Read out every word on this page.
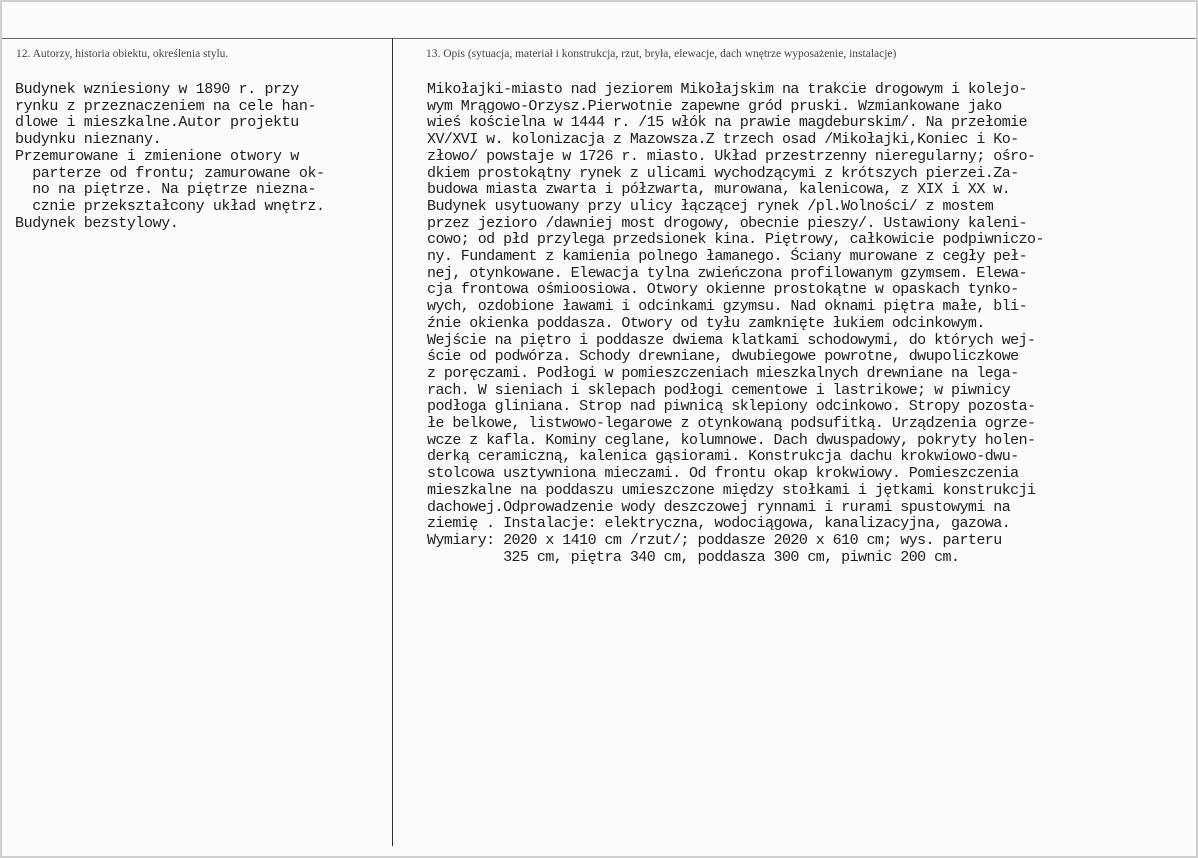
12. Autorzy, historia obiektu, określenia stylu.	13. Opis (sytuacja, materiał i konstrukcja, rzut, bryła, elewacje, dach wnętrze wyposażenie, instalacje)
Budynek wzniesiony w 1890 r. przy
rynku z przeznaczeniem na cele han-
dlowe i mieszkalne.Autor projektu
budynku nieznany.
Przemurowane i zmienione otwory w
parterze od frontu; zamurowane ok-
no na piętrze. Na piętrze niezna-
cznie przekształcony układ wnętrz.
Budynek bezstylowy.
Mikołajki-miasto nad jeziorem Mikołajskim na trakcie drogowym i kolejo-
wym Mrągowo-Orzysz.Pierwotnie zapewne gród pruski. Wzmiankowane jako
wieś kościelna w 1444 r. /15 włók na prawie magdeburskim/. Na przełomie
XV/XVI w. kolonizacja z Mazowsza.Z trzech osad /Mikołajki,Koniec i Ko-
złowo/ powstaje w 1726 r. miasto. Układ przestrzenny nieregularny; ośro-
dkiem prostokątny rynek z ulicami wychodzącymi z krótszych pierzei.Za-
budowa miasta zwarta i półzwarta, murowana, kalenicowa, z XIX i XX w.
Budynek usytuowany przy ulicy łączącej rynek /pl.Wolności/ z mostem
przez jezioro /dawniej most drogowy, obecnie pieszy/. Ustawiony kaleni-
cowo; od płd przylega przedsionek kina. Piętrowy, całkowicie podpiwniczo-
ny. Fundament z kamienia polnego łamanego. Ściany murowane z cegły peł-
nej, otynkowane. Elewacja tylna zwieńczona profilowanym gzymsem. Elewa-
cja frontowa ośmioosiowa. Otwory okienne prostokątne w opaskach tynko-
wych, ozdobione ławami i odcinkami gzymsu. Nad oknami piętra małe, bli-
źnie okienka poddasza. Otwory od tyłu zamknięte łukiem odcinkowym.
Wejście na piętro i poddasze dwiema klatkami schodowymi, do których wej-
ście od podwórza. Schody drewniane, dwubiegowe powrotne, dwupoliczkowe
z poręczami. Podłogi w pomieszczeniach mieszkalnych drewniane na lega-
rach. W sieniach i sklepach podłogi cementowe i lastrikowe; w piwnicy
podłoga gliniana. Strop nad piwnicą sklepiony odcinkowo. Stropy pozosta-
łe belkowe, listwowo-legarowe z otynkowaną podsufitką. Urządzenia ogrze-
wcze z kafla. Kominy ceglane, kolumnowe. Dach dwuspadowy, pokryty holen-
derką ceramiczną, kalenica gąsiorami. Konstrukcja dachu krokwiowo-dwu-
stolcowa usztywniona mieczami. Od frontu okap krokwiowy. Pomieszczenia
mieszkalne na poddaszu umieszczone między stołkami i jętkami konstrukcji
dachowej.Odprowadzenie wody deszczowej rynnami i rurami spustowymi na
ziemię . Instalacje: elektryczna, wodociągowa, kanalizacyjna, gazowa.
Wymiary: 2020 x 1410 cm /rzut/; poddasze 2020 x 610 cm; wys. parteru
325 cm, piętra 340 cm, poddasza 300 cm, piwnic 200 cm.
